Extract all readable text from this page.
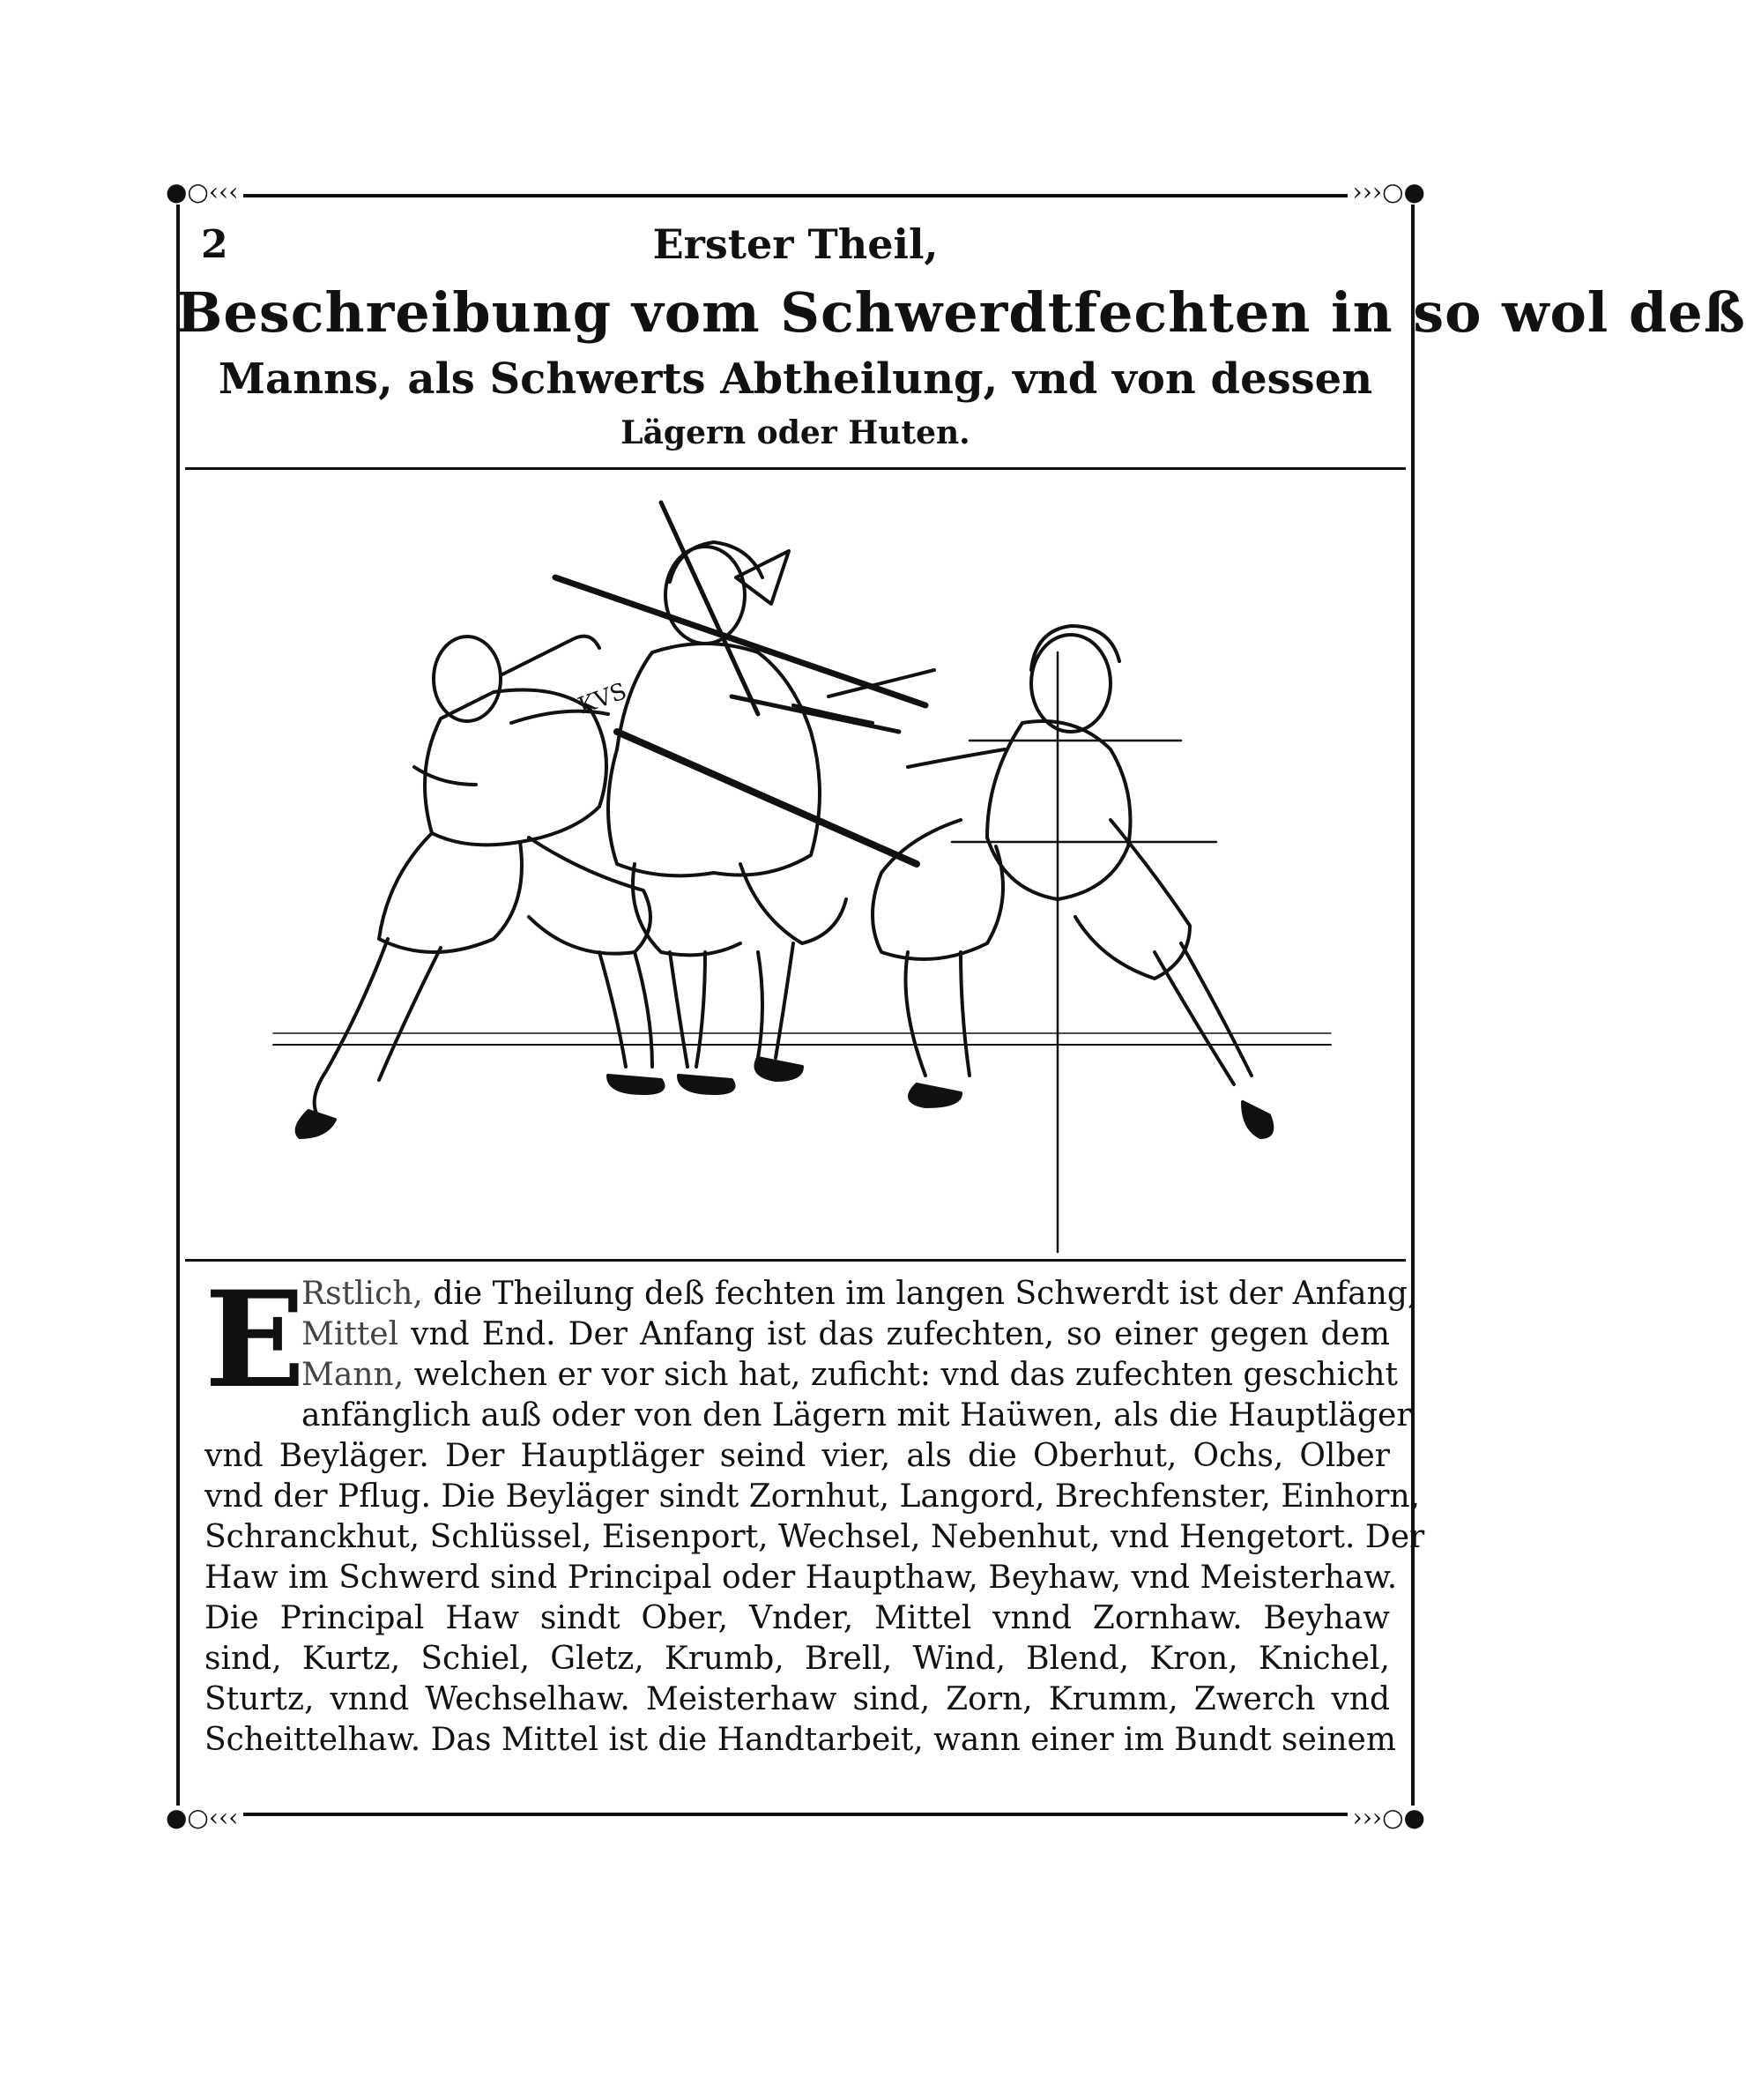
●○‹‹‹	›››○●
●○‹‹‹	›››○●
2	Erster Theil,
Beschreibung vom Schwerdtfechten in so wol deß
Manns, als Schwerts Abtheilung, vnd von dessen
Lägern oder Huten.
KVS
E
Rstlich, die Theilung deß fechten im langen Schwerdt ist der Anfang,
Mittel vnd End. Der Anfang ist das zufechten, so einer gegen dem
Mann, welchen er vor sich hat, zuficht: vnd das zufechten geschicht
anfänglich auß oder von den Lägern mit Haüwen, als die Hauptläger
vnd Beyläger. Der Hauptläger seind vier, als die Oberhut, Ochs, Olber
vnd der Pflug. Die Beyläger sindt Zornhut, Langord, Brechfenster, Einhorn,
Schranckhut, Schlüssel, Eisenport, Wechsel, Nebenhut, vnd Hengetort. Der
Haw im Schwerd sind Principal oder Haupthaw, Beyhaw, vnd Meisterhaw.
Die Principal Haw sindt Ober, Vnder, Mittel vnnd Zornhaw. Beyhaw
sind, Kurtz, Schiel, Gletz, Krumb, Brell, Wind, Blend, Kron, Knichel,
Sturtz, vnnd Wechselhaw. Meisterhaw sind, Zorn, Krumm, Zwerch vnd
Scheittelhaw. Das Mittel ist die Handtarbeit, wann einer im Bundt seinem
